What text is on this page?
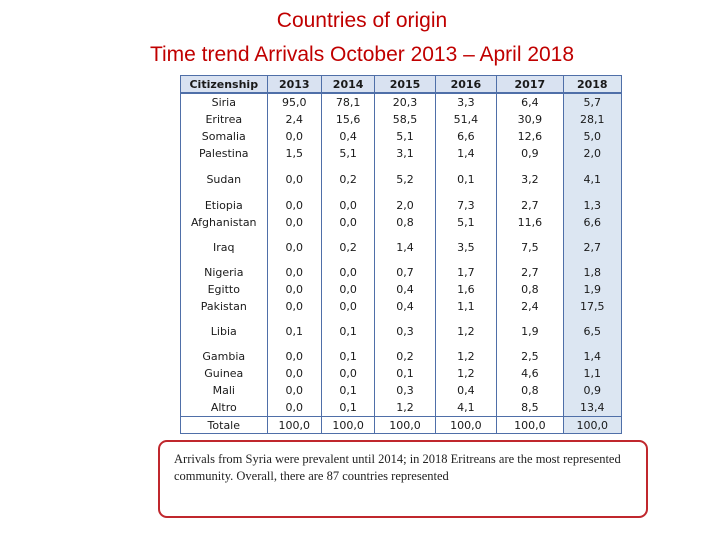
Countries of origin
Time trend Arrivals October 2013 – April 2018
Citizenship	2013	2014	2015	2016	2017	2018
Siria	95,0	78,1	20,3	3,3	6,4	5,7
Eritrea	2,4	15,6	58,5	51,4	30,9	28,1
Somalia	0,0	0,4	5,1	6,6	12,6	5,0
Palestina	1,5	5,1	3,1	1,4	0,9	2,0
Sudan	0,0	0,2	5,2	0,1	3,2	4,1
Etiopia	0,0	0,0	2,0	7,3	2,7	1,3
Afghanistan	0,0	0,0	0,8	5,1	11,6	6,6
Iraq	0,0	0,2	1,4	3,5	7,5	2,7
Nigeria	0,0	0,0	0,7	1,7	2,7	1,8
Egitto	0,0	0,0	0,4	1,6	0,8	1,9
Pakistan	0,0	0,0	0,4	1,1	2,4	17,5
Libia	0,1	0,1	0,3	1,2	1,9	6,5
Gambia	0,0	0,1	0,2	1,2	2,5	1,4
Guinea	0,0	0,0	0,1	1,2	4,6	1,1
Mali	0,0	0,1	0,3	0,4	0,8	0,9
Altro	0,0	0,1	1,2	4,1	8,5	13,4
Totale	100,0	100,0	100,0	100,0	100,0	100,0
Arrivals from Syria were prevalent until 2014; in 2018 Eritreans are the most represented community. Overall, there are 87 countries represented
